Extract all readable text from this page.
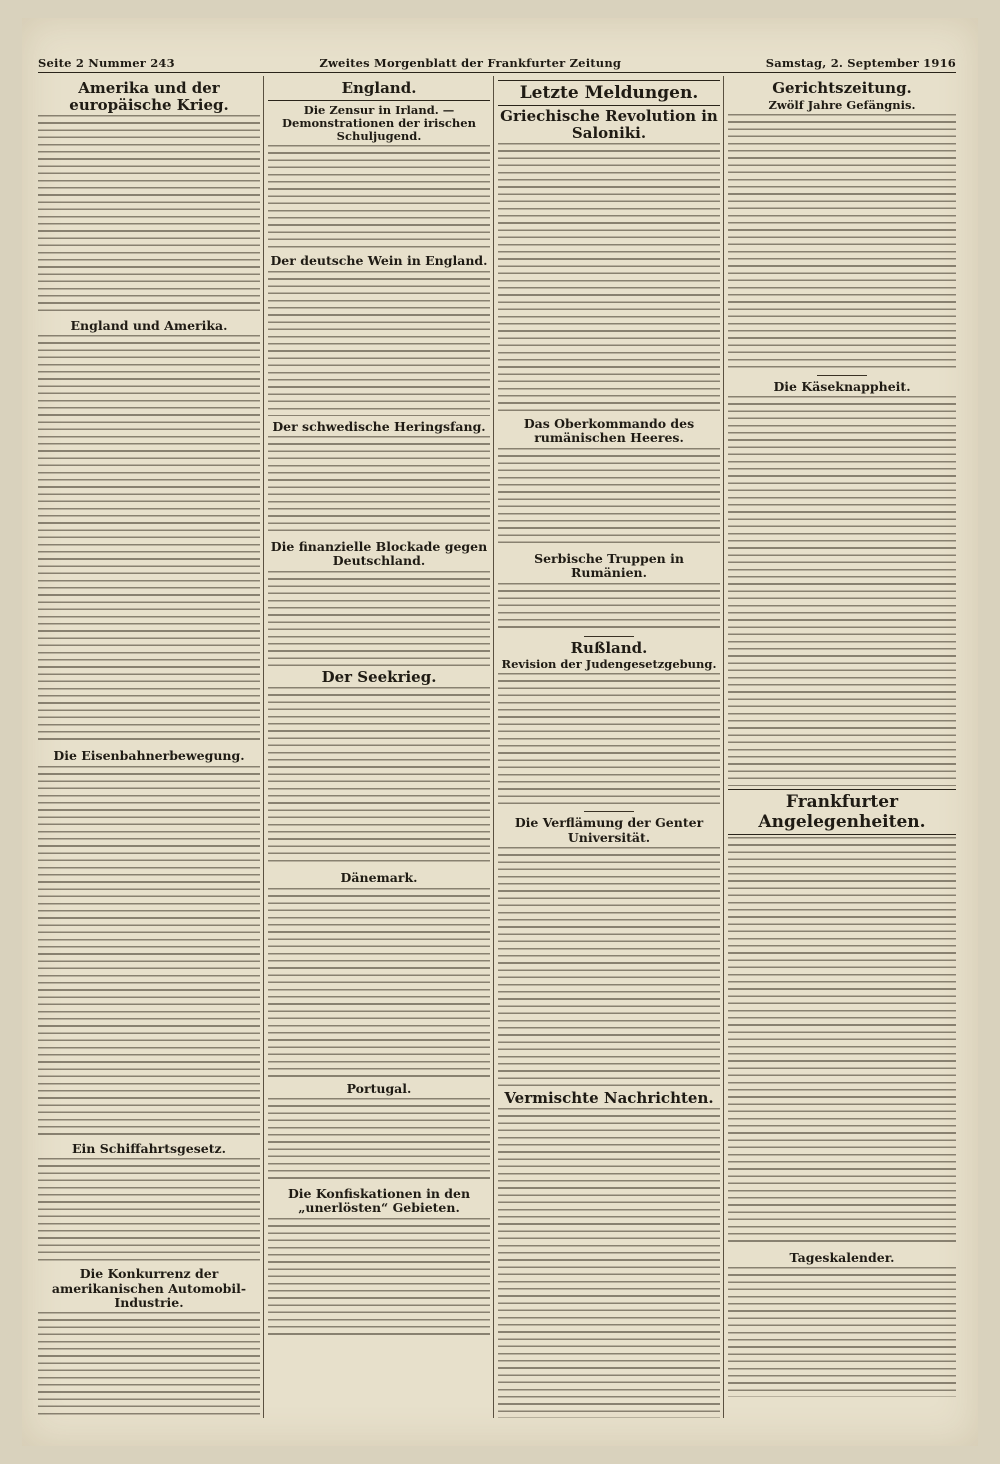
Seite 2 Nummer 243	Zweites Morgenblatt der Frankfurter Zeitung	Samstag, 2. September 1916
Amerika und der europäische Krieg.
England und Amerika.
Die Eisenbahnerbewegung.
Ein Schiffahrtsgesetz.
Die Konkurrenz der amerikanischen Automobil-Industrie.
England.
Die Zensur in Irland. — Demonstrationen der irischen Schuljugend.
Der deutsche Wein in England.
Der schwedische Heringsfang.
Die finanzielle Blockade gegen Deutschland.
Der Seekrieg.
Dänemark.
Portugal.
Die Konfiskationen in den „unerlösten“ Gebieten.
Letzte Meldungen.
Griechische Revolution in Saloniki.
Das Oberkommando des rumänischen Heeres.
Serbische Truppen in Rumänien.
Rußland.
Revision der Judengesetzgebung.
Die Verflämung der Genter Universität.
Vermischte Nachrichten.
Gerichtszeitung.
Zwölf Jahre Gefängnis.
Die Käseknappheit.
Frankfurter Angelegenheiten.
Tageskalender.
